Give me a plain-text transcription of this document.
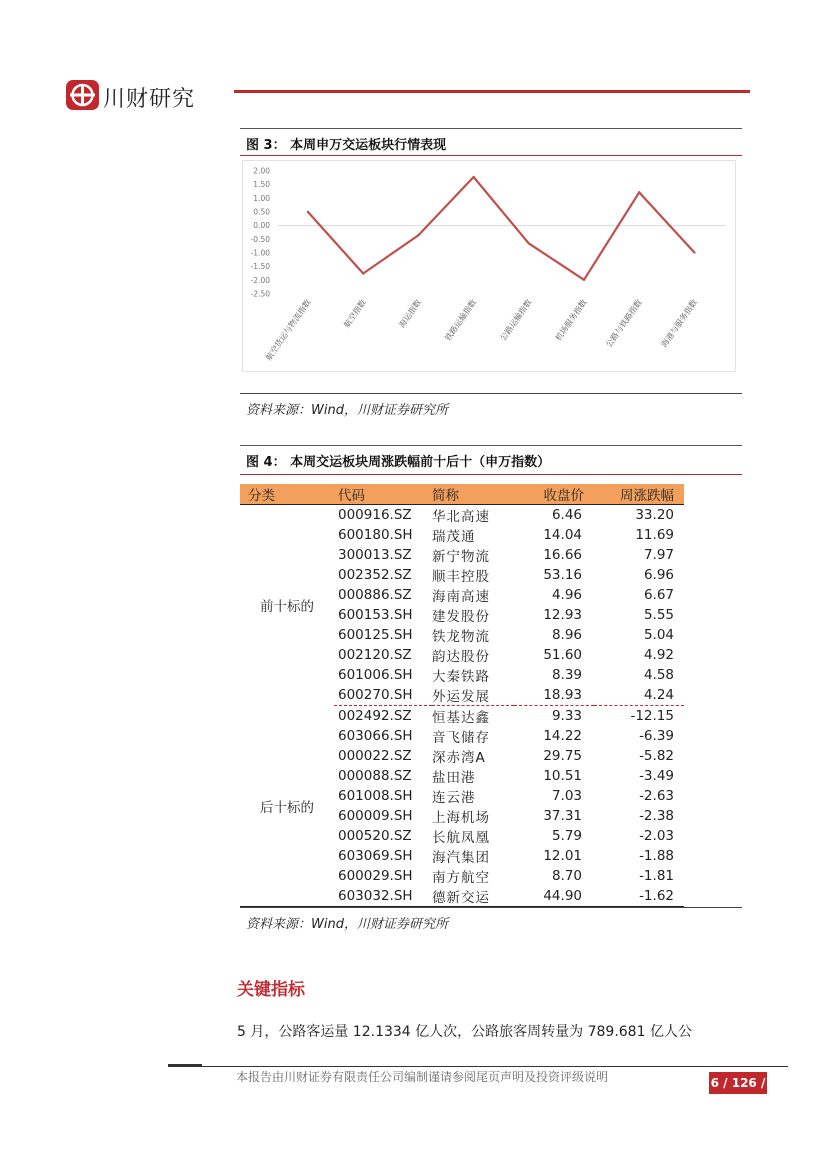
川财研究
图 3： 本周申万交运板块行情表现
2.00
1.50
1.00
0.50
0.00
-0.50
-1.00
-1.50
-2.00
-2.50
航空货运与物流指数	航空指数	海运指数	铁路运输指数	公路运输指数	机场服务指数 公路与铁路指数 海港与服务指数
资料来源：Wind，川财证券研究所
图 4： 本周交运板块周涨跌幅前十后十（申万指数）
分类	代码	简称	收盘价	周涨跌幅
前十标的	000916.SZ	华北高速	6.46	33.20
	600180.SH	瑞茂通	14.04	11.69
	300013.SZ	新宁物流	16.66	7.97
	002352.SZ	顺丰控股	53.16	6.96
	000886.SZ	海南高速	4.96	6.67
	600153.SH	建发股份	12.93	5.55
	600125.SH	铁龙物流	8.96	5.04
	002120.SZ	韵达股份	51.60	4.92
	601006.SH	大秦铁路	8.39	4.58
	600270.SH	外运发展	18.93	4.24
后十标的	002492.SZ	恒基达鑫	9.33	-12.15
	603066.SH	音飞储存	14.22	-6.39
	000022.SZ	深赤湾A	29.75	-5.82
	000088.SZ	盐田港	10.51	-3.49
	601008.SH	连云港	7.03	-2.63
	600009.SH	上海机场	37.31	-2.38
	000520.SZ	长航凤凰	5.79	-2.03
	603069.SH	海汽集团	12.01	-1.88
	600029.SH	南方航空	8.70	-1.81
	603032.SH	德新交运	44.90	-1.62
资料来源：Wind，川财证券研究所
关键指标
5 月，公路客运量 12.1334 亿人次，公路旅客周转量为 789.681 亿人公
本报告由川财证券有限责任公司编制谨请参阅尾页声明及投资评级说明	6 / 126 /
